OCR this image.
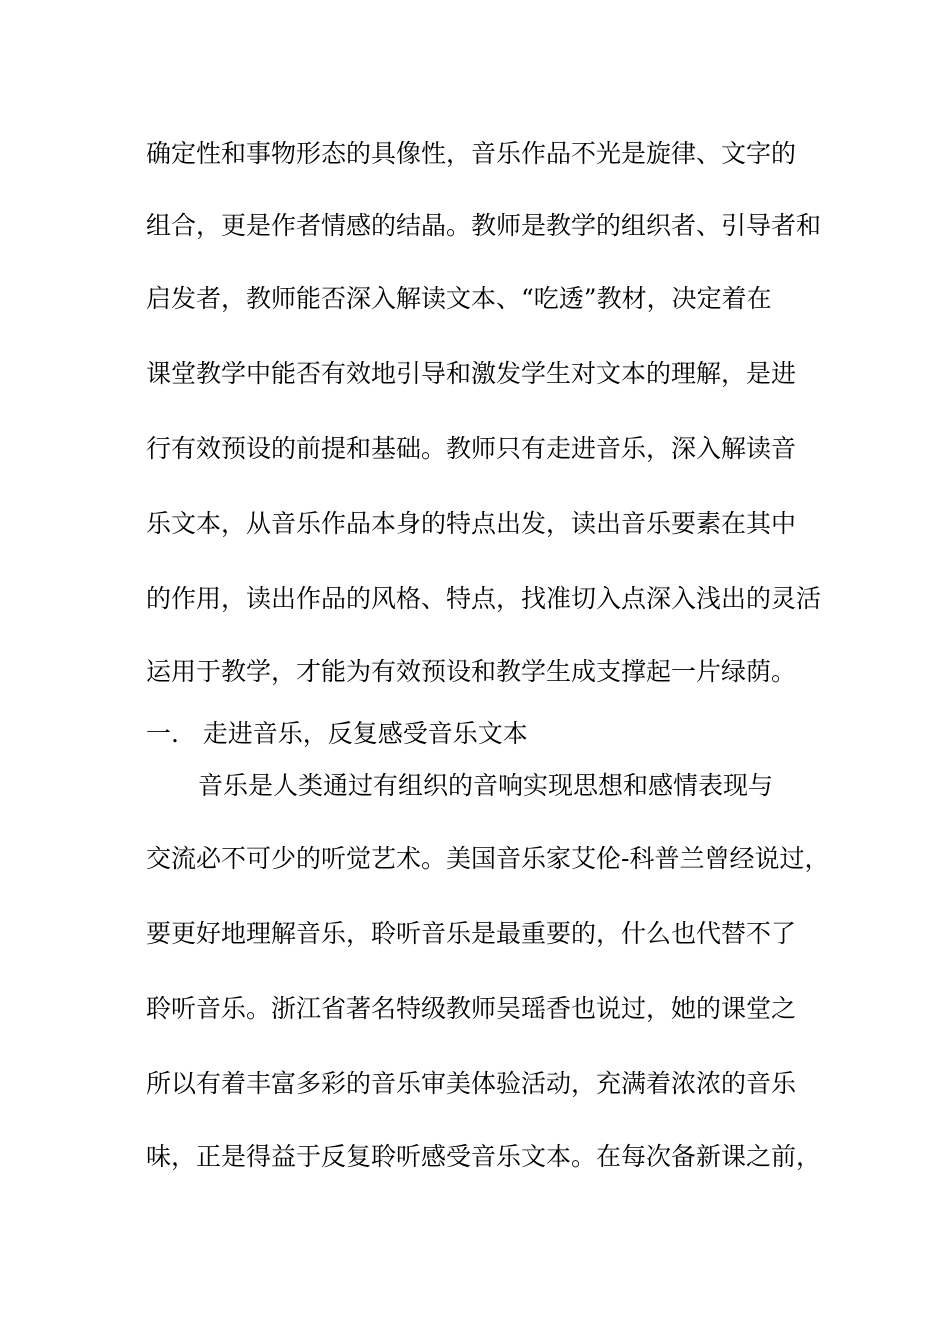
确定性和事物形态的具像性，音乐作品不光是旋律、文字的
组合，更是作者情感的结晶。教师是教学的组织者、引导者和
启发者，教师能否深入解读文本、“吃透”教材，决定着在
课堂教学中能否有效地引导和激发学生对文本的理解，是进
行有效预设的前提和基础。教师只有走进音乐，深入解读音
乐文本，从音乐作品本身的特点出发，读出音乐要素在其中
的作用，读出作品的风格、特点，找准切入点深入浅出的灵活
运用于教学，才能为有效预设和教学生成支撑起一片绿荫。
一.   走进音乐，反复感受音乐文本
音乐是人类通过有组织的音响实现思想和感情表现与
交流必不可少的听觉艺术。美国音乐家艾伦-科普兰曾经说过，
要更好地理解音乐，聆听音乐是最重要的，什么也代替不了
聆听音乐。浙江省著名特级教师吴瑶香也说过，她的课堂之
所以有着丰富多彩的音乐审美体验活动，充满着浓浓的音乐
味，正是得益于反复聆听感受音乐文本。在每次备新课之前，
